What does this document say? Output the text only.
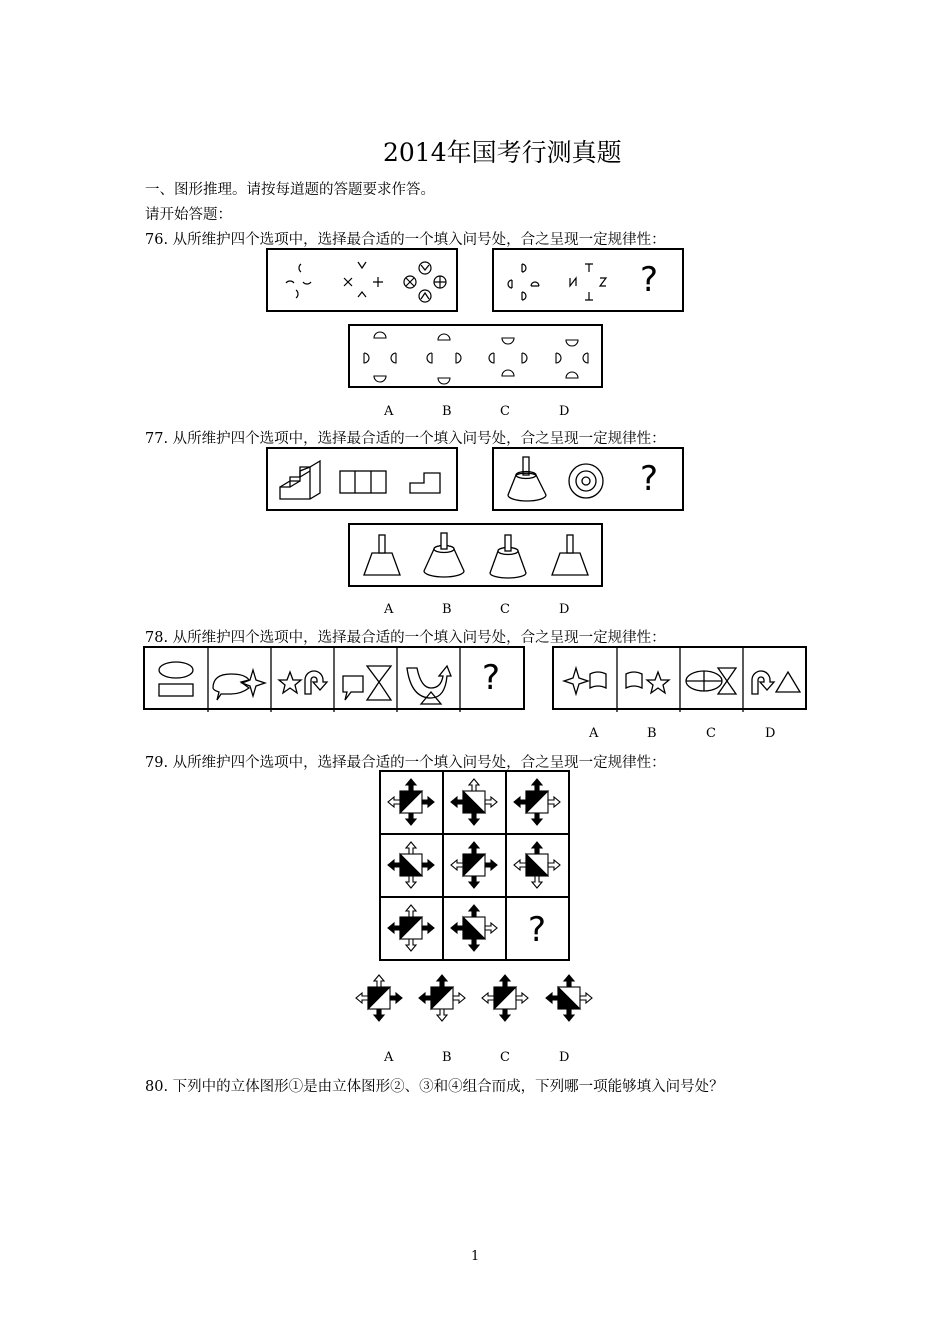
2014年国考行测真题
一、图形推理。请按每道题的答题要求作答。
请开始答题：
76. 从所维护四个选项中，选择最合适的一个填入问号处，合之呈现一定规律性：
?
A	B	C	D
77. 从所维护四个选项中，选择最合适的一个填入问号处，合之呈现一定规律性：
?
A	B	C	D
78. 从所维护四个选项中，选择最合适的一个填入问号处，合之呈现一定规律性：
?
A	B	C	D
79. 从所维护四个选项中，选择最合适的一个填入问号处，合之呈现一定规律性：
?
A	B	C	D
80. 下列中的立体图形①是由立体图形②、③和④组合而成，下列哪一项能够填入问号处？
1
